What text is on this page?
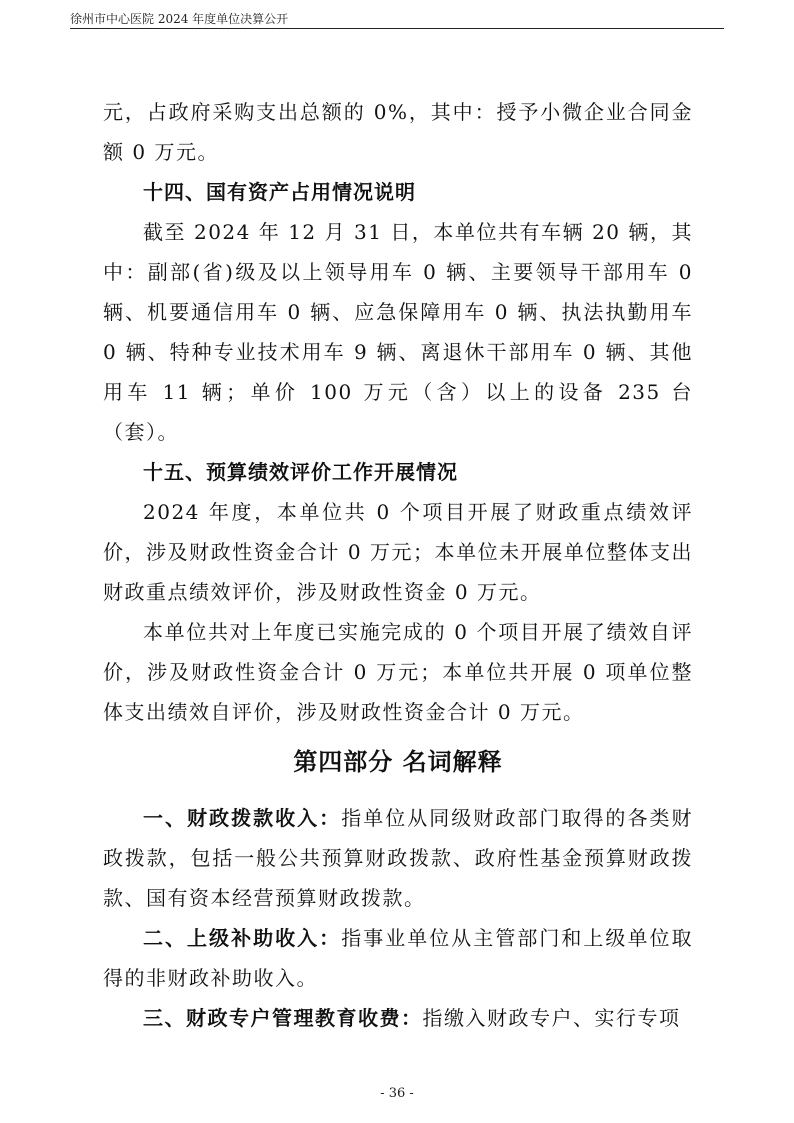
徐州市中心医院 2024 年度单位决算公开

元，占政府采购支出总额的 0%，其中：授予小微企业合同金额 0 万元。

十四、国有资产占用情况说明

截至 2024 年 12 月 31 日，本单位共有车辆 20 辆，其中：副部(省)级及以上领导用车 0 辆、主要领导干部用车 0 辆、机要通信用车 0 辆、应急保障用车 0 辆、执法执勤用车 0 辆、特种专业技术用车 9 辆、离退休干部用车 0 辆、其他用车 11 辆；单价 100 万元（含）以上的设备 235 台（套）。

十五、预算绩效评价工作开展情况

2024 年度，本单位共 0 个项目开展了财政重点绩效评价，涉及财政性资金合计 0 万元；本单位未开展单位整体支出财政重点绩效评价，涉及财政性资金 0 万元。

本单位共对上年度已实施完成的 0 个项目开展了绩效自评价，涉及财政性资金合计 0 万元；本单位共开展 0 项单位整体支出绩效自评价，涉及财政性资金合计 0 万元。

第四部分 名词解释

一、财政拨款收入：指单位从同级财政部门取得的各类财政拨款，包括一般公共预算财政拨款、政府性基金预算财政拨款、国有资本经营预算财政拨款。

二、上级补助收入：指事业单位从主管部门和上级单位取得的非财政补助收入。

三、财政专户管理教育收费：指缴入财政专户、实行专项

- 36 -
